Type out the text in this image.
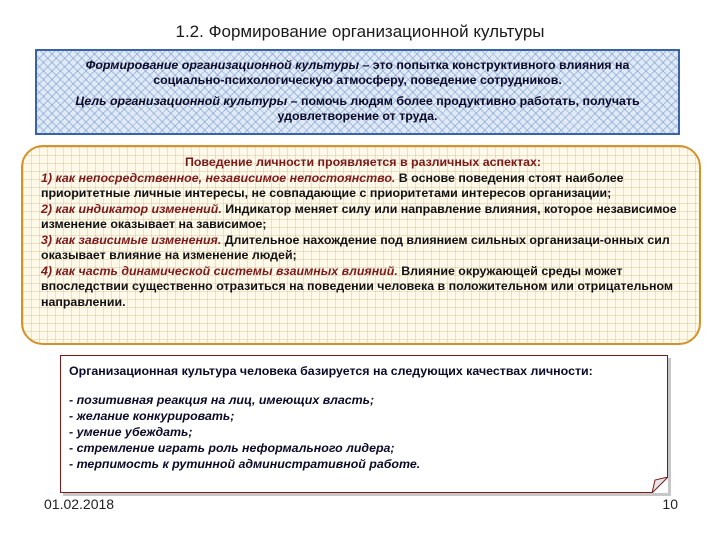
1.2. Формирование организационной культуры

Формирование организационной культуры – это попытка конструктивного влияния на социально-психологическую атмосферу, поведение сотрудников.

Цель организационной культуры – помочь людям более продуктивно работать, получать удовлетворение от труда.

Поведение личности проявляется в различных аспектах:

1) как непосредственное, независимое непостоянство. В основе поведения стоят наиболее приоритетные личные интересы, не совпадающие с приоритетами интересов организации;

2) как индикатор изменений. Индикатор меняет силу или направление влияния, которое независимое изменение оказывает на зависимое;

3) как зависимые изменения. Длительное нахождение под влиянием сильных организаци-онных сил оказывает влияние на изменение людей;

4) как часть динамической системы взаимных влияний. Влияние окружающей среды может впоследствии существенно отразиться на поведении человека в положительном или отрицательном направлении.

Организационная культура человека базируется на следующих качествах личности:

- позитивная реакция на лиц, имеющих власть;
- желание конкурировать;
- умение убеждать;
- стремление играть роль неформального лидера;
- терпимость к рутинной административной работе.
01.02.2018	10
